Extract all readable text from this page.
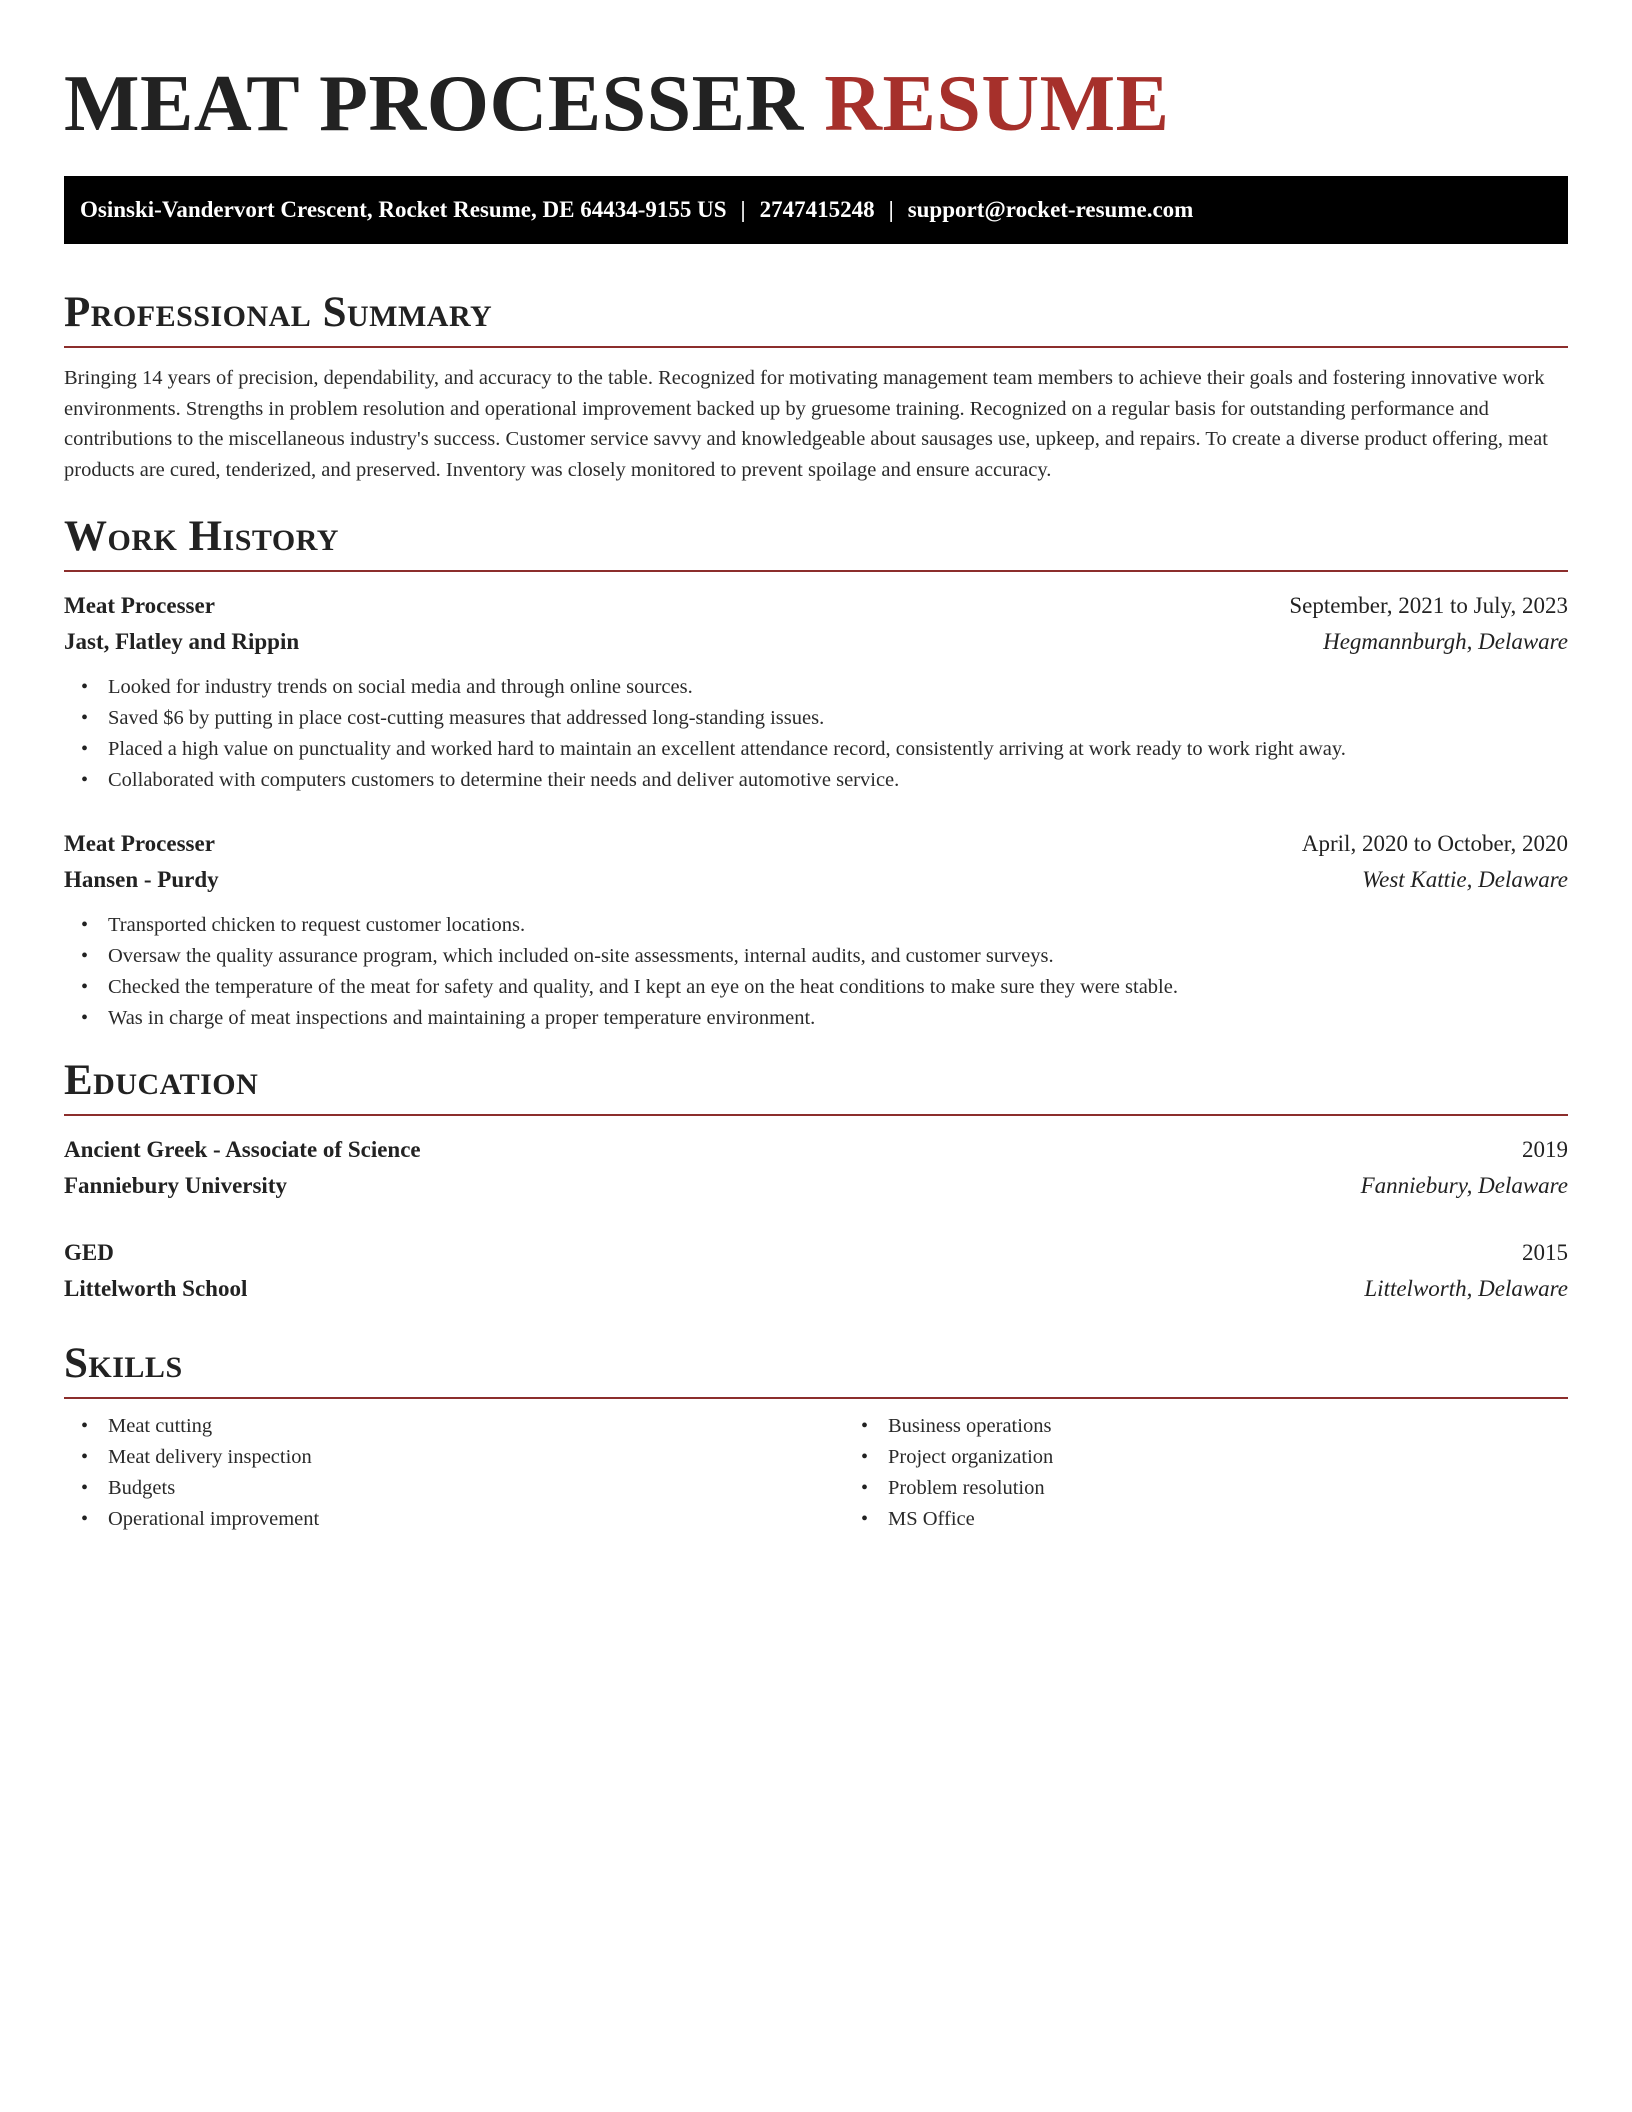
MEAT PROCESSER RESUME
Osinski-Vandervort Crescent, Rocket Resume, DE 64434-9155 US | 2747415248 | support@rocket-resume.com
Professional Summary

Bringing 14 years of precision, dependability, and accuracy to the table. Recognized for motivating management team members to achieve their goals and fostering innovative work environments. Strengths in problem resolution and operational improvement backed up by gruesome training. Recognized on a regular basis for outstanding performance and contributions to the miscellaneous industry's success. Customer service savvy and knowledgeable about sausages use, upkeep, and repairs. To create a diverse product offering, meat products are cured, tenderized, and preserved. Inventory was closely monitored to prevent spoilage and ensure accuracy.

Work History
Meat Processer	September, 2021 to July, 2023
Jast, Flatley and Rippin	Hegmannburgh, Delaware
• Looked for industry trends on social media and through online sources.
• Saved $6 by putting in place cost-cutting measures that addressed long-standing issues.
• Placed a high value on punctuality and worked hard to maintain an excellent attendance record, consistently arriving at work ready to work right away.
• Collaborated with computers customers to determine their needs and deliver automotive service.
Meat Processer	April, 2020 to October, 2020
Hansen - Purdy	West Kattie, Delaware
• Transported chicken to request customer locations.
• Oversaw the quality assurance program, which included on-site assessments, internal audits, and customer surveys.
• Checked the temperature of the meat for safety and quality, and I kept an eye on the heat conditions to make sure they were stable.
• Was in charge of meat inspections and maintaining a proper temperature environment.
Education
Ancient Greek - Associate of Science	2019
Fanniebury University	Fanniebury, Delaware
GED	2015
Littelworth School	Littelworth, Delaware
Skills
• Meat cutting
• Meat delivery inspection
• Budgets
• Operational improvement
• Business operations
• Project organization
• Problem resolution
• MS Office
